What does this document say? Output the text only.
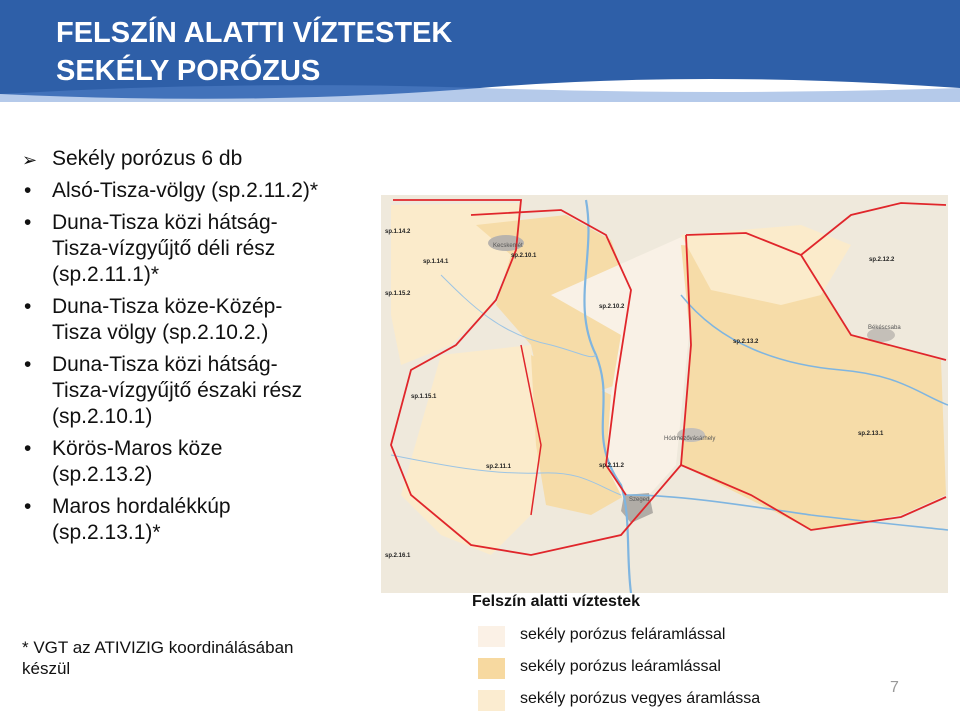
FELSZÍN ALATTI VÍZTESTEK
SEKÉLY PORÓZUS
➢ Sekély porózus 6 db
• Alsó-Tisza-völgy (sp.2.11.2)*
• Duna-Tisza közi hátság-
Tisza-vízgyűjtő déli rész
(sp.2.11.1)*
• Duna-Tisza köze-Közép-
Tisza völgy (sp.2.10.2.)
• Duna-Tisza közi hátság-
Tisza-vízgyűjtő északi rész
(sp.2.10.1)
• Körös-Maros köze
(sp.2.13.2)
• Maros hordalékkúp
(sp.2.13.1)*
* VGT az ATIVIZIG koordinálásában
készül
sp.1.14.2
sp.1.14.1
sp.2.10.1
sp.1.15.2
sp.2.10.2
sp.2.13.2
sp.2.12.2
sp.1.15.1
sp.2.11.1	sp.2.11.2
sp.2.13.1
sp.2.16.1
Kecskemét
Békéscsaba
Hódmezővásárhely
Szeged
Felszín alatti víztestek
sekély porózus feláramlással
sekély porózus leáramlással
sekély porózus vegyes áramlássa
7
